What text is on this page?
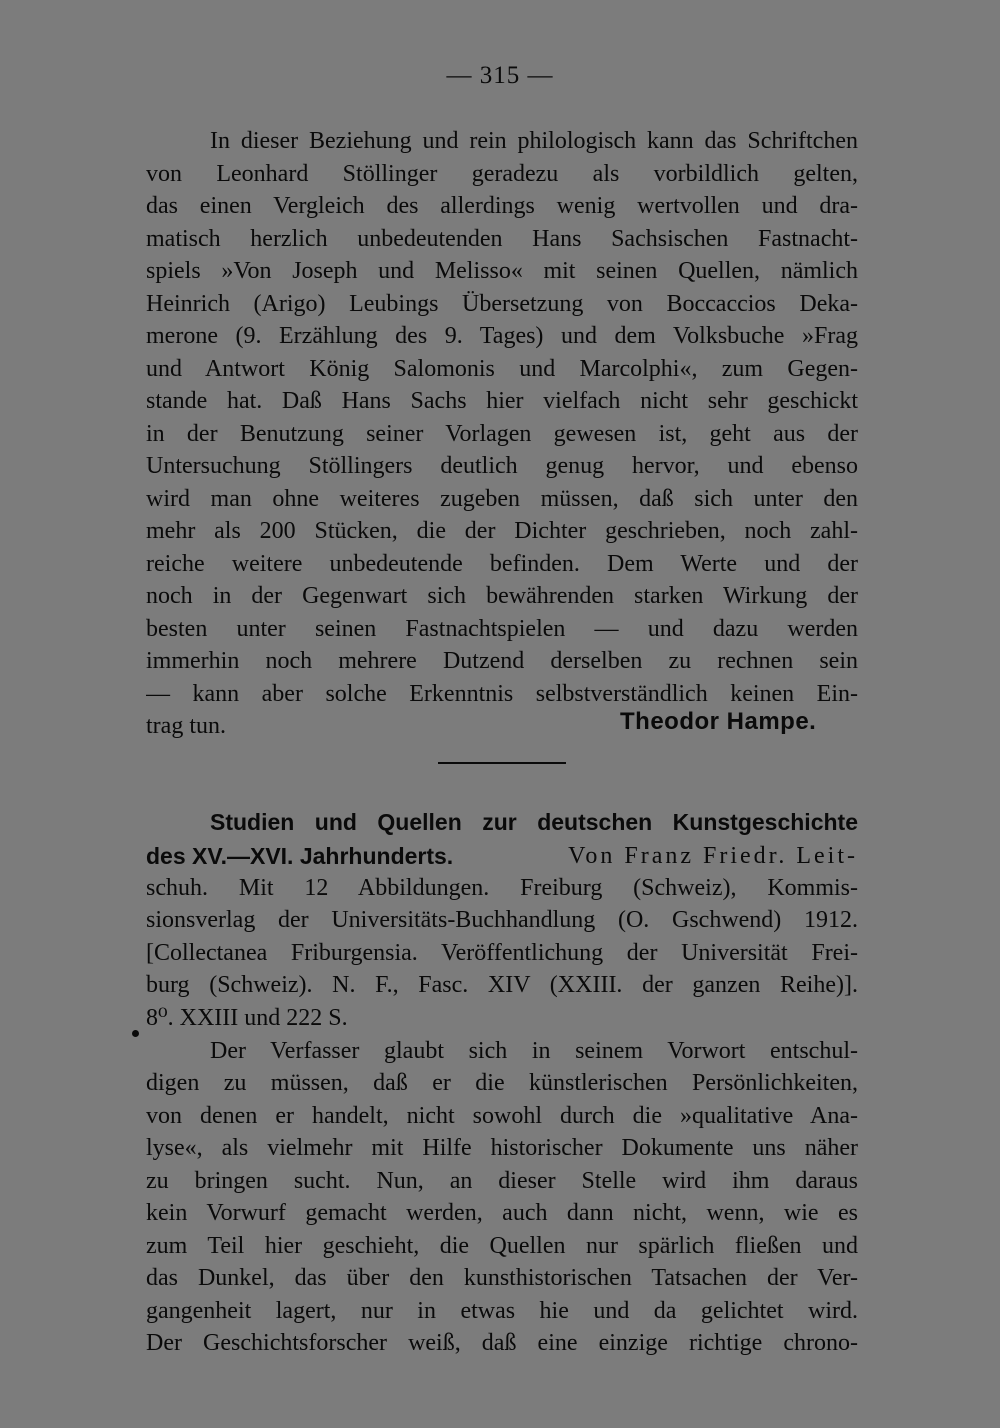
— 315 —
In dieser Beziehung und rein philologisch kann das Schriftchen
von Leonhard Stöllinger geradezu als vorbildlich gelten,
das einen Vergleich des allerdings wenig wertvollen und dra-
matisch herzlich unbedeutenden Hans Sachsischen Fastnacht-
spiels »Von Joseph und Melisso« mit seinen Quellen, nämlich
Heinrich (Arigo) Leubings Übersetzung von Boccaccios Deka-
merone (9. Erzählung des 9. Tages) und dem Volksbuche »Frag
und Antwort König Salomonis und Marcolphi«, zum Gegen-
stande hat. Daß Hans Sachs hier vielfach nicht sehr geschickt
in der Benutzung seiner Vorlagen gewesen ist, geht aus der
Untersuchung Stöllingers deutlich genug hervor, und ebenso
wird man ohne weiteres zugeben müssen, daß sich unter den
mehr als 200 Stücken, die der Dichter geschrieben, noch zahl-
reiche weitere unbedeutende befinden. Dem Werte und der
noch in der Gegenwart sich bewährenden starken Wirkung der
besten unter seinen Fastnachtspielen — und dazu werden
immerhin noch mehrere Dutzend derselben zu rechnen sein
— kann aber solche Erkenntnis selbstverständlich keinen Ein-
trag tun.	Theodor Hampe.
Studien und Quellen zur deutschen Kunstgeschichte
des XV.—XVI. Jahrhunderts.	Von Franz Friedr. Leit-
schuh. Mit 12 Abbildungen. Freiburg (Schweiz), Kommis-
sionsverlag der Universitäts-Buchhandlung (O. Gschwend) 1912.
[Collectanea Friburgensia. Veröffentlichung der Universität Frei-
burg (Schweiz). N. F., Fasc. XIV (XXIII. der ganzen Reihe)].
8⁰. XXIII und 222 S.
Der Verfasser glaubt sich in seinem Vorwort entschul-
digen zu müssen, daß er die künstlerischen Persönlichkeiten,
von denen er handelt, nicht sowohl durch die »qualitative Ana-
lyse«, als vielmehr mit Hilfe historischer Dokumente uns näher
zu bringen sucht. Nun, an dieser Stelle wird ihm daraus
kein Vorwurf gemacht werden, auch dann nicht, wenn, wie es
zum Teil hier geschieht, die Quellen nur spärlich fließen und
das Dunkel, das über den kunsthistorischen Tatsachen der Ver-
gangenheit lagert, nur in etwas hie und da gelichtet wird.
Der Geschichtsforscher weiß, daß eine einzige richtige chrono-
